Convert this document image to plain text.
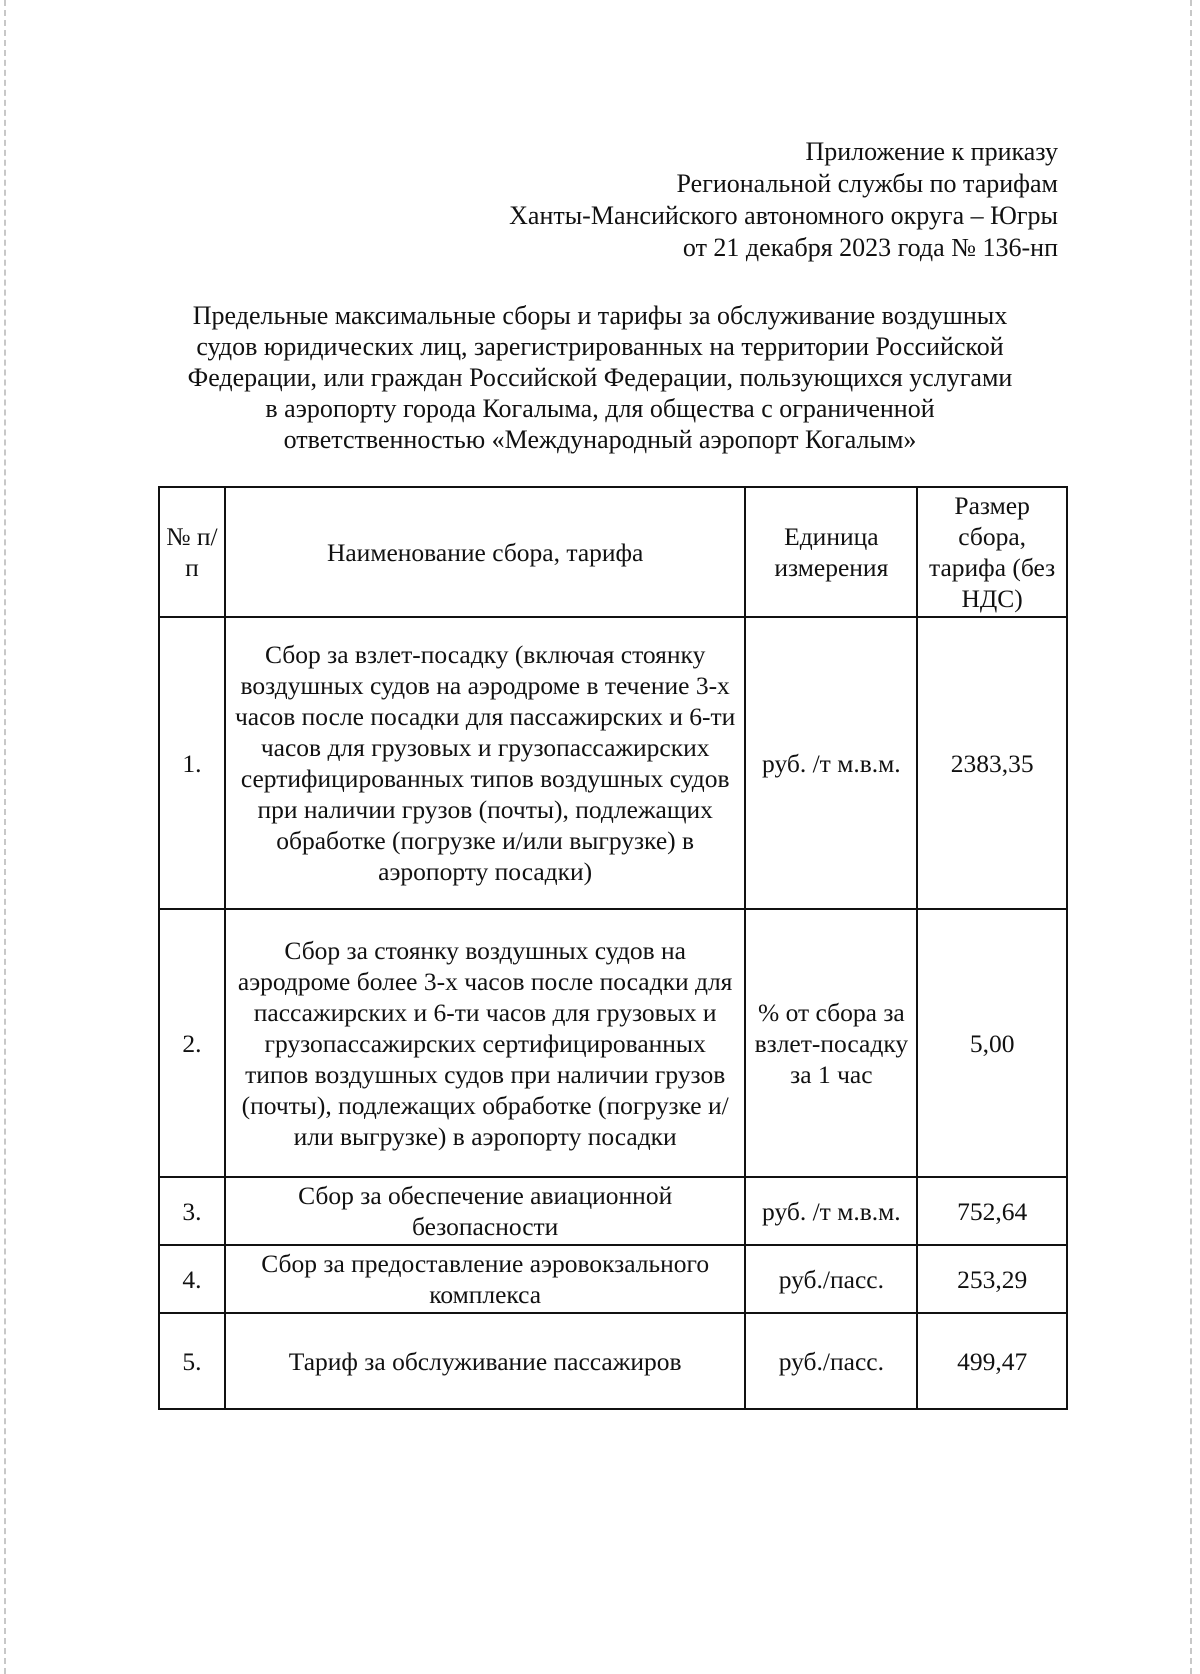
Приложение к приказу
Региональной службы по тарифам
Ханты-Мансийского автономного округа – Югры
от 21 декабря 2023 года № 136-нп
Предельные максимальные сборы и тарифы за обслуживание воздушных
судов юридических лиц, зарегистрированных на территории Российской
Федерации, или граждан Российской Федерации, пользующихся услугами
в аэропорту города Когалыма, для общества с ограниченной
ответственностью «Международный аэропорт Когалым»
№ п/п	Наименование сбора, тарифа	Единица измерения	Размер сбора, тарифа (без НДС)
1.	Сбор за взлет-посадку (включая стоянку воздушных судов на аэродроме в течение 3-х часов после посадки для пассажирских и 6-ти часов для грузовых и грузопассажирских сертифицированных типов воздушных судов при наличии грузов (почты), подлежащих обработке (погрузке и/или выгрузке) в аэропорту посадки)	руб. /т м.в.м.	2383,35
2.	Сбор за стоянку воздушных судов на аэродроме более 3-х часов после посадки для пассажирских и 6-ти часов для грузовых и грузопассажирских сертифицированных типов воздушных судов при наличии грузов (почты), подлежащих обработке (погрузке и/или выгрузке) в аэропорту посадки	% от сбора за взлет-посадку за 1 час	5,00
3.	Сбор за обеспечение авиационной безопасности	руб. /т м.в.м.	752,64
4.	Сбор за предоставление аэровокзального комплекса	руб./пасс.	253,29
5.	Тариф за обслуживание пассажиров	руб./пасс.	499,47
